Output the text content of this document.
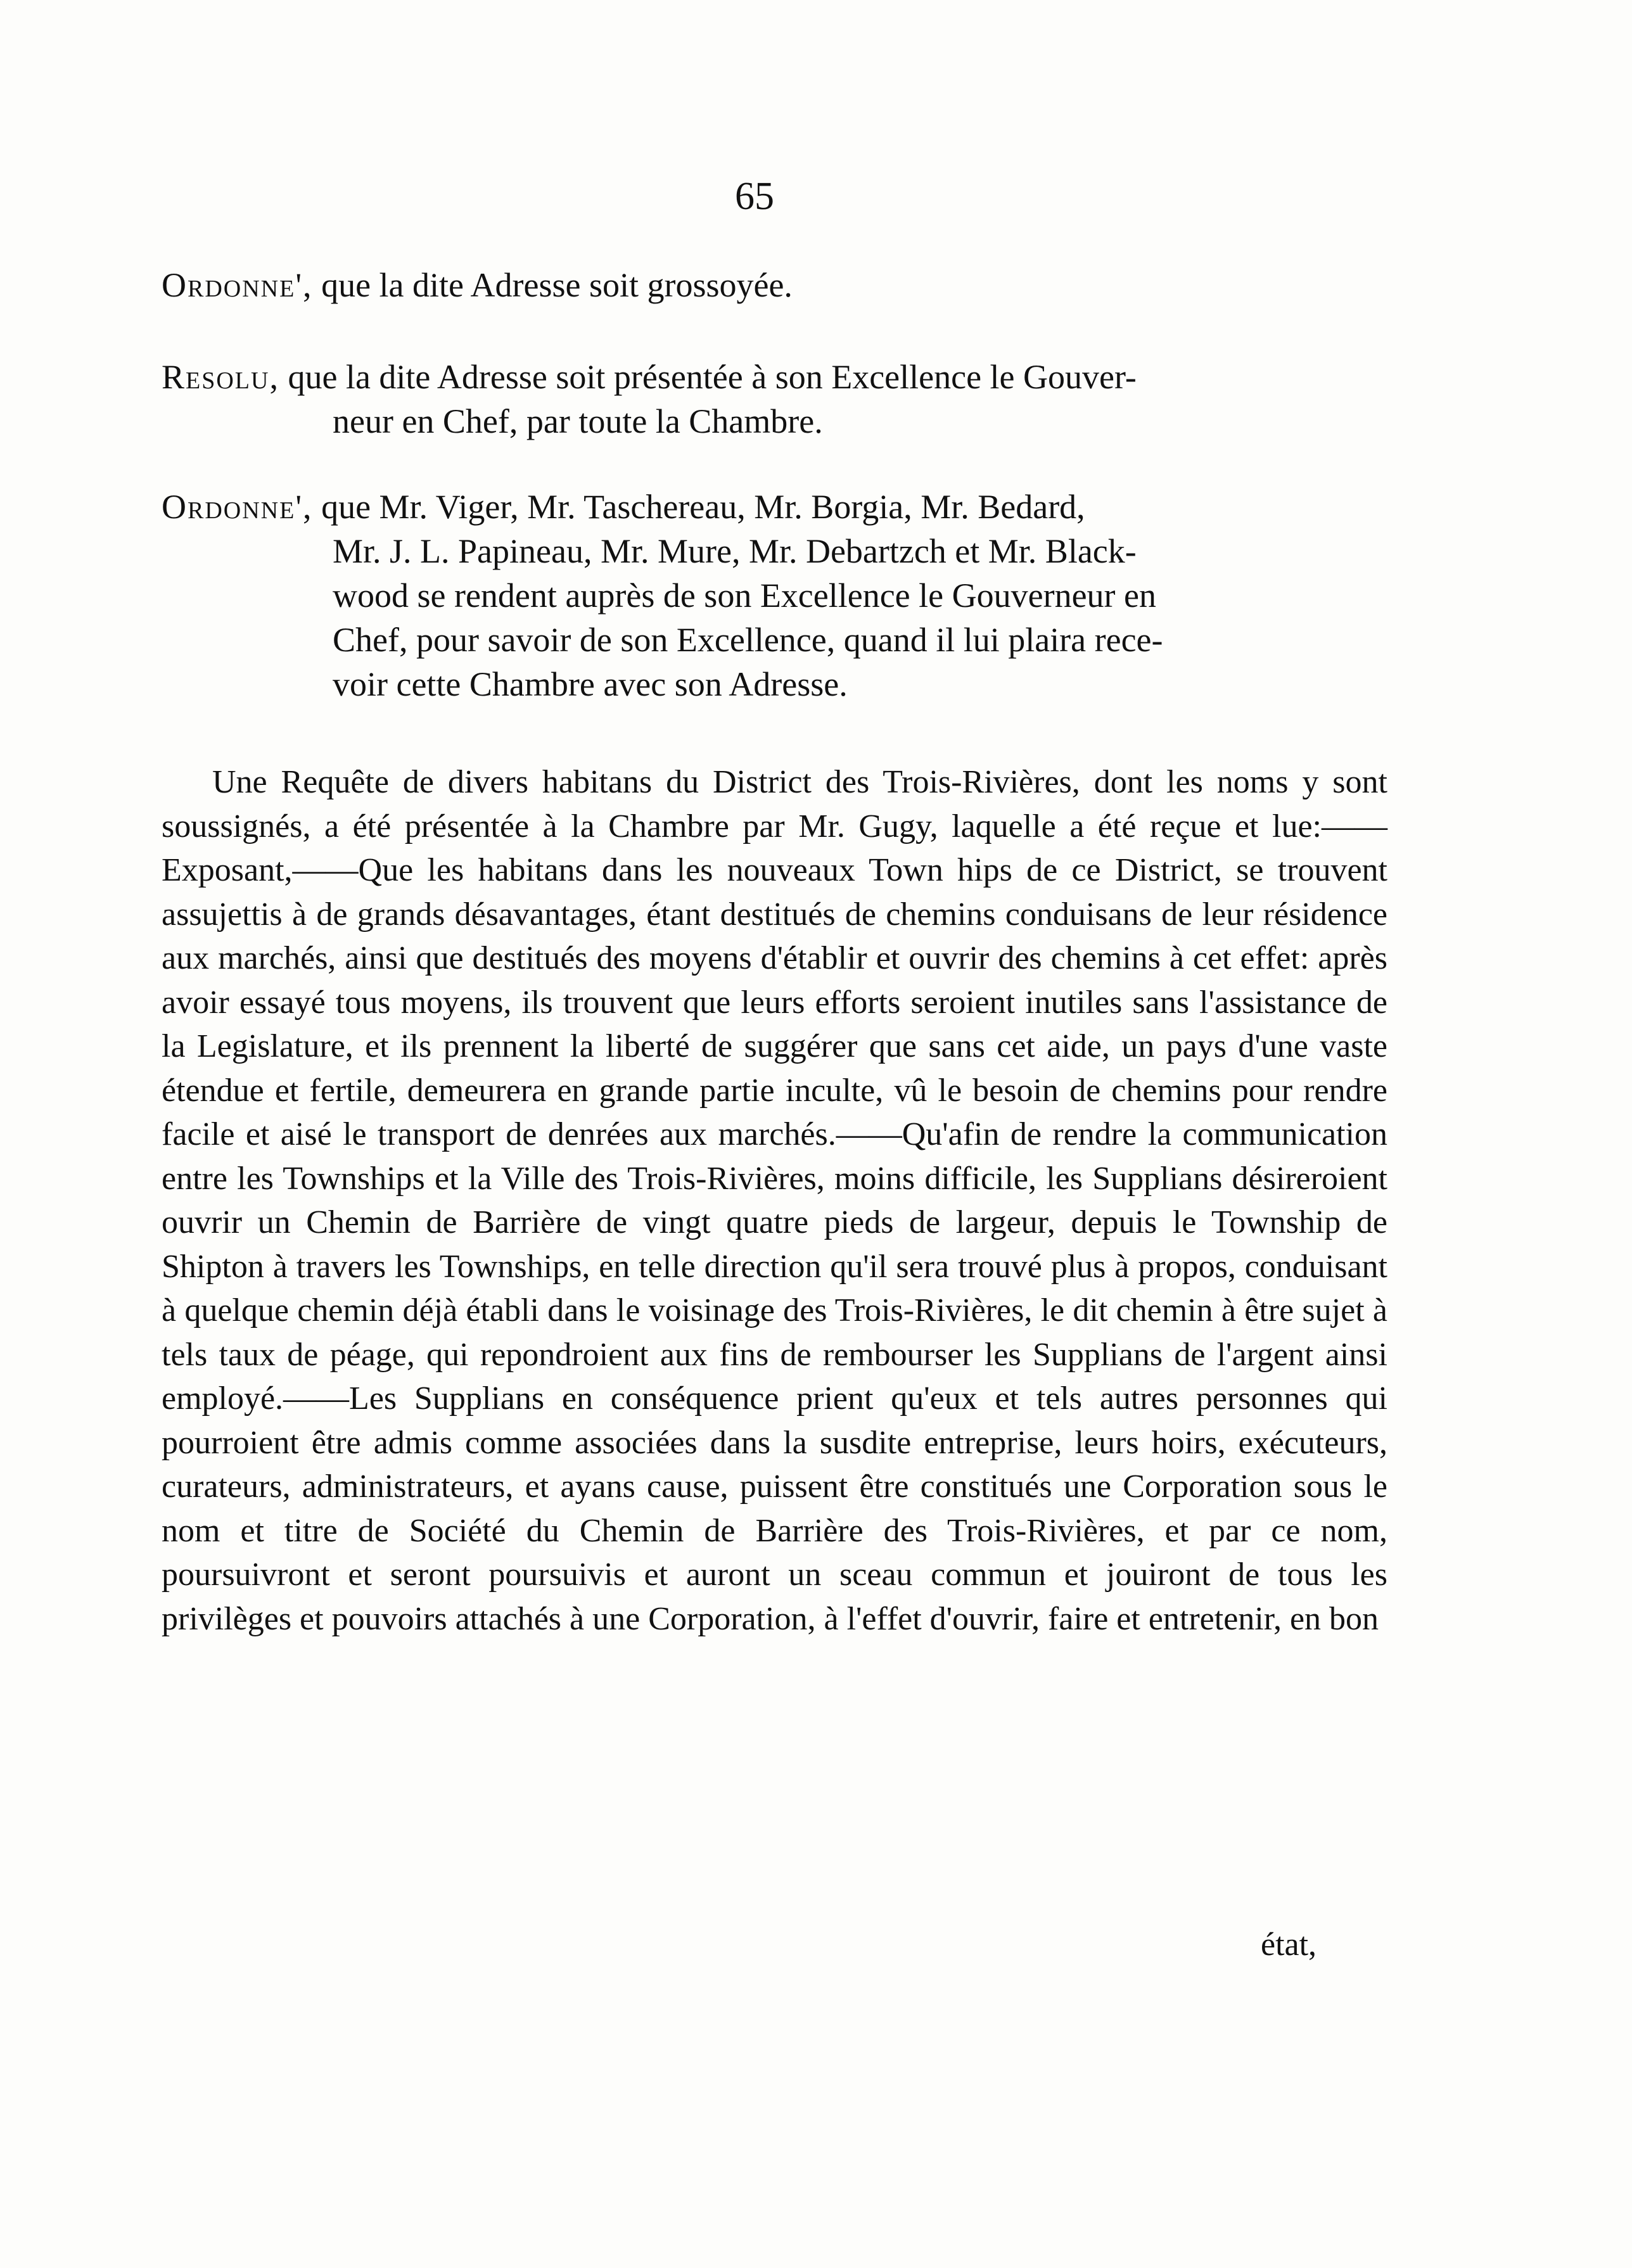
65
Ordonne', que la dite Adresse soit grossoyée.
Resolu, que la dite Adresse soit présentée à son Excellence le Gouver-
neur en Chef, par toute la Chambre.
Ordonne', que Mr. Viger, Mr. Taschereau, Mr. Borgia, Mr. Bedard,
Mr. J. L. Papineau, Mr. Mure, Mr. Debartzch et Mr. Black-
wood se rendent auprès de son Excellence le Gouverneur en
Chef, pour savoir de son Excellence, quand il lui plaira rece-
voir cette Chambre avec son Adresse.
Une Requête de divers habitans du District des Trois-Rivières, dont les noms y sont soussignés, a été présentée à la Chambre par Mr. Gugy, laquelle a été reçue et lue:——Exposant,——Que les habitans dans les nouveaux Town hips de ce District, se trouvent assujettis à de grands désavantages, étant destitués de chemins conduisans de leur résidence aux marchés, ainsi que destitués des moyens d'établir et ouvrir des chemins à cet effet: après avoir essayé tous moyens, ils trouvent que leurs efforts seroient inutiles sans l'assistance de la Legislature, et ils prennent la liberté de suggérer que sans cet aide, un pays d'une vaste étendue et fertile, demeurera en grande partie inculte, vû le besoin de chemins pour rendre facile et aisé le transport de denrées aux marchés.——Qu'afin de rendre la communication entre les Townships et la Ville des Trois-Rivières, moins difficile, les Supplians désireroient ouvrir un Chemin de Barrière de vingt quatre pieds de largeur, depuis le Township de Shipton à travers les Townships, en telle direction qu'il sera trouvé plus à propos, conduisant à quelque chemin déjà établi dans le voisinage des Trois-Rivières, le dit chemin à être sujet à tels taux de péage, qui repondroient aux fins de rembourser les Supplians de l'argent ainsi employé.——Les Supplians en conséquence prient qu'eux et tels autres personnes qui pourroient être admis comme associées dans la susdite entreprise, leurs hoirs, exécuteurs, curateurs, administrateurs, et ayans cause, puissent être constitués une Corporation sous le nom et titre de Société du Chemin de Barrière des Trois-Rivières, et par ce nom, poursuivront et seront poursuivis et auront un sceau commun et jouiront de tous les privilèges et pouvoirs attachés à une Corporation, à l'effet d'ouvrir, faire et entretenir, en bon
état,
